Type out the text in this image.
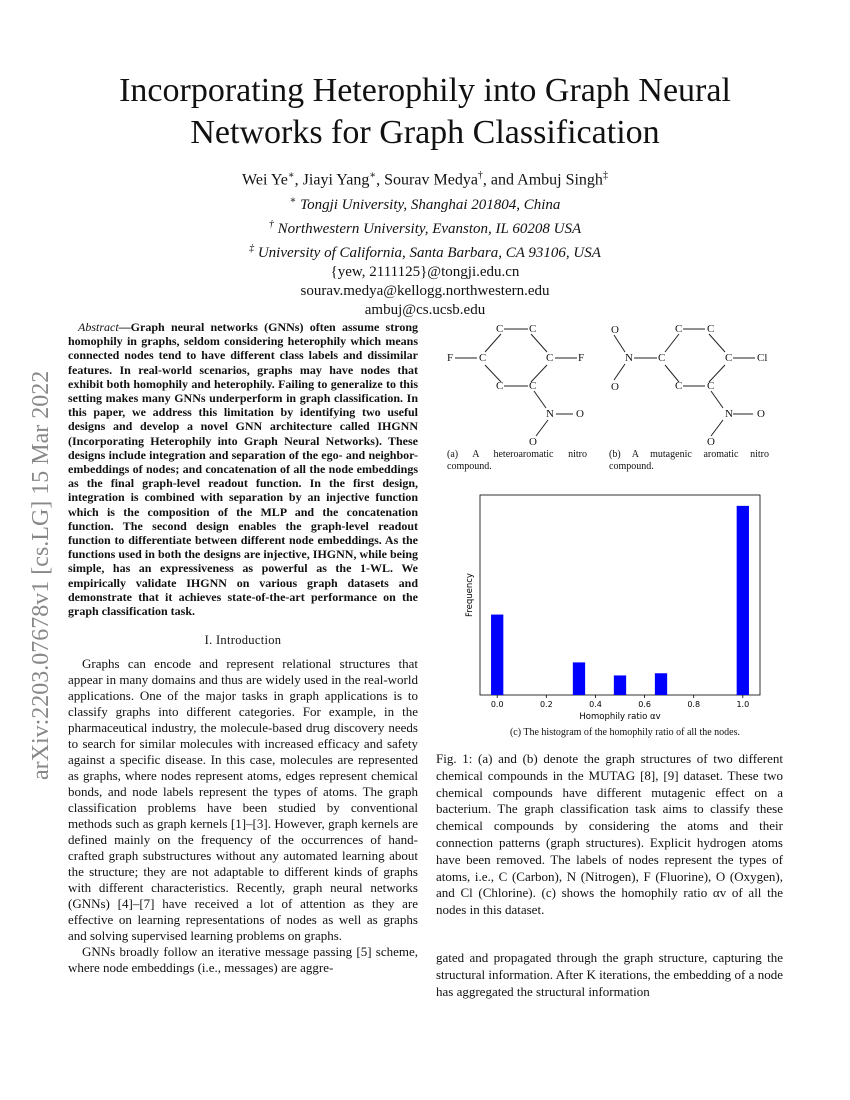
arXiv:2203.07678v1 [cs.LG] 15 Mar 2022
Incorporating Heterophily into Graph Neural
Networks for Graph Classification
Wei Ye∗, Jiayi Yang∗, Sourav Medya†, and Ambuj Singh‡
∗ Tongji University, Shanghai 201804, China
† Northwestern University, Evanston, IL 60208 USA
‡ University of California, Santa Barbara, CA 93106, USA
{yew, 2111125}@tongji.edu.cn
sourav.medya@kellogg.northwestern.edu
ambuj@cs.ucsb.edu

Abstract—Graph neural networks (GNNs) often assume strong homophily in graphs, seldom considering heterophily which means connected nodes tend to have different class labels and dissimilar features. In real-world scenarios, graphs may have nodes that exhibit both homophily and heterophily. Failing to generalize to this setting makes many GNNs underperform in graph classification. In this paper, we address this limitation by identifying two useful designs and develop a novel GNN architecture called IHGNN (Incorporating Heterophily into Graph Neural Networks). These designs include integration and separation of the ego- and neighbor-embeddings of nodes; and concatenation of all the node embeddings as the final graph-level readout function. In the first design, integration is combined with separation by an injective function which is the composition of the MLP and the concatenation function. The second design enables the graph-level readout function to differentiate between different node embeddings. As the functions used in both the designs are injective, IHGNN, while being simple, has an expressiveness as powerful as the 1-WL. We empirically validate IHGNN on various graph datasets and demonstrate that it achieves state-of-the-art performance on the graph classification task.

I. Introduction

Graphs can encode and represent relational structures that appear in many domains and thus are widely used in the real-world applications. One of the major tasks in graph applications is to classify graphs into different categories. For example, in the pharmaceutical industry, the molecule-based drug discovery needs to search for similar molecules with increased efficacy and safety against a specific disease. In this case, molecules are represented as graphs, where nodes represent atoms, edges represent chemical bonds, and node labels represent the types of atoms. The graph classification problems have been studied by conventional methods such as graph kernels [1]–[3]. However, graph kernels are defined mainly on the frequency of the occurrences of hand-crafted graph substructures without any automated learning about the structure; they are not adaptable to different kinds of graphs with different characteristics. Recently, graph neural networks (GNNs) [4]–[7] have received a lot of attention as they are effective on learning representations of nodes as well as graphs and solving supervised learning problems on graphs.

GNNs broadly follow an iterative message passing [5] scheme, where node embeddings (i.e., messages) are aggre-

C C
F C	C F
C C
N O
O
O	C C
N C	C Cl
O	C C
N O
O
(a) A heteroaromatic nitro compound.
(b) A mutagenic aromatic nitro compound.
0.0	0.2	0.4	0.6	0.8	1.0
Frequency
Homophily ratio αv
(c) The histogram of the homophily ratio of all the nodes.

Fig. 1: (a) and (b) denote the graph structures of two different chemical compounds in the MUTAG [8], [9] dataset. These two chemical compounds have different mutagenic effect on a bacterium. The graph classification task aims to classify these chemical compounds by considering the atoms and their connection patterns (graph structures). Explicit hydrogen atoms have been removed. The labels of nodes represent the types of atoms, i.e., C (Carbon), N (Nitrogen), F (Fluorine), O (Oxygen), and Cl (Chlorine). (c) shows the homophily ratio αv of all the nodes in this dataset.

gated and propagated through the graph structure, capturing the structural information. After K iterations, the embedding of a node has aggregated the structural information
